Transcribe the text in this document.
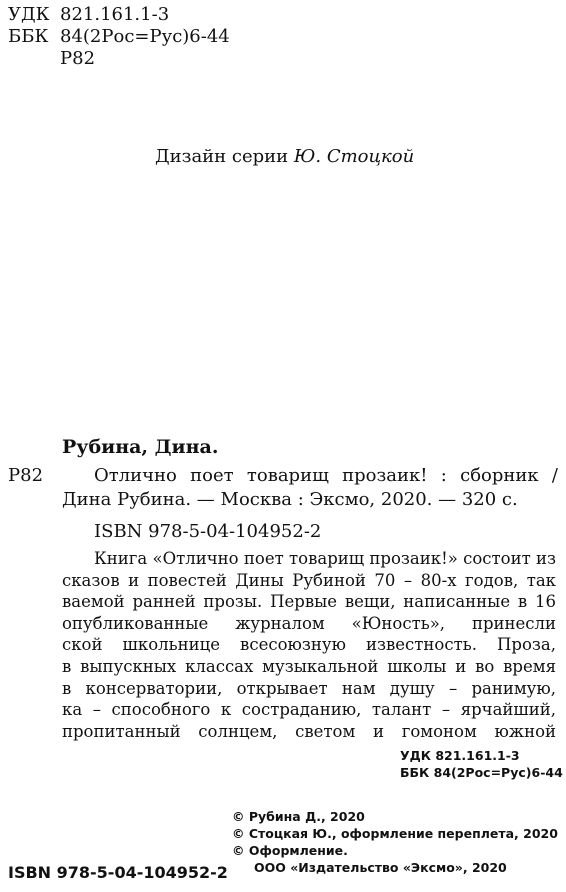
УДК 821.161.1-3
ББК 84(2Рос=Рус)6-44
Р82
Дизайн серии Ю. Стоцкой
Рубина, Дина.
Р82	Отлично поет товарищ прозаик! : сборник /
Дина Рубина. — Москва : Эксмо, 2020. — 320 с.
ISBN 978-5-04-104952-2
Книга «Отлично поет товарищ прозаик!» состоит из
сказов и повестей Дины Рубиной 70 – 80-х годов, так
ваемой ранней прозы. Первые вещи, написанные в 16
опубликованные журналом «Юность», принесли
ской школьнице всесоюзную известность. Проза,
в выпускных классах музыкальной школы и во время
в консерватории, открывает нам душу – ранимую,
ка – способного к состраданию, талант – ярчайший,
пропитанный солнцем, светом и гомоном южной
УДК 821.161.1-3
ББК 84(2Рос=Рус)6-44
© Рубина Д., 2020
© Стоцкая Ю., оформление переплета, 2020
© Оформление.
ООО «Издательство «Эксмо», 2020
ISBN 978-5-04-104952-2
